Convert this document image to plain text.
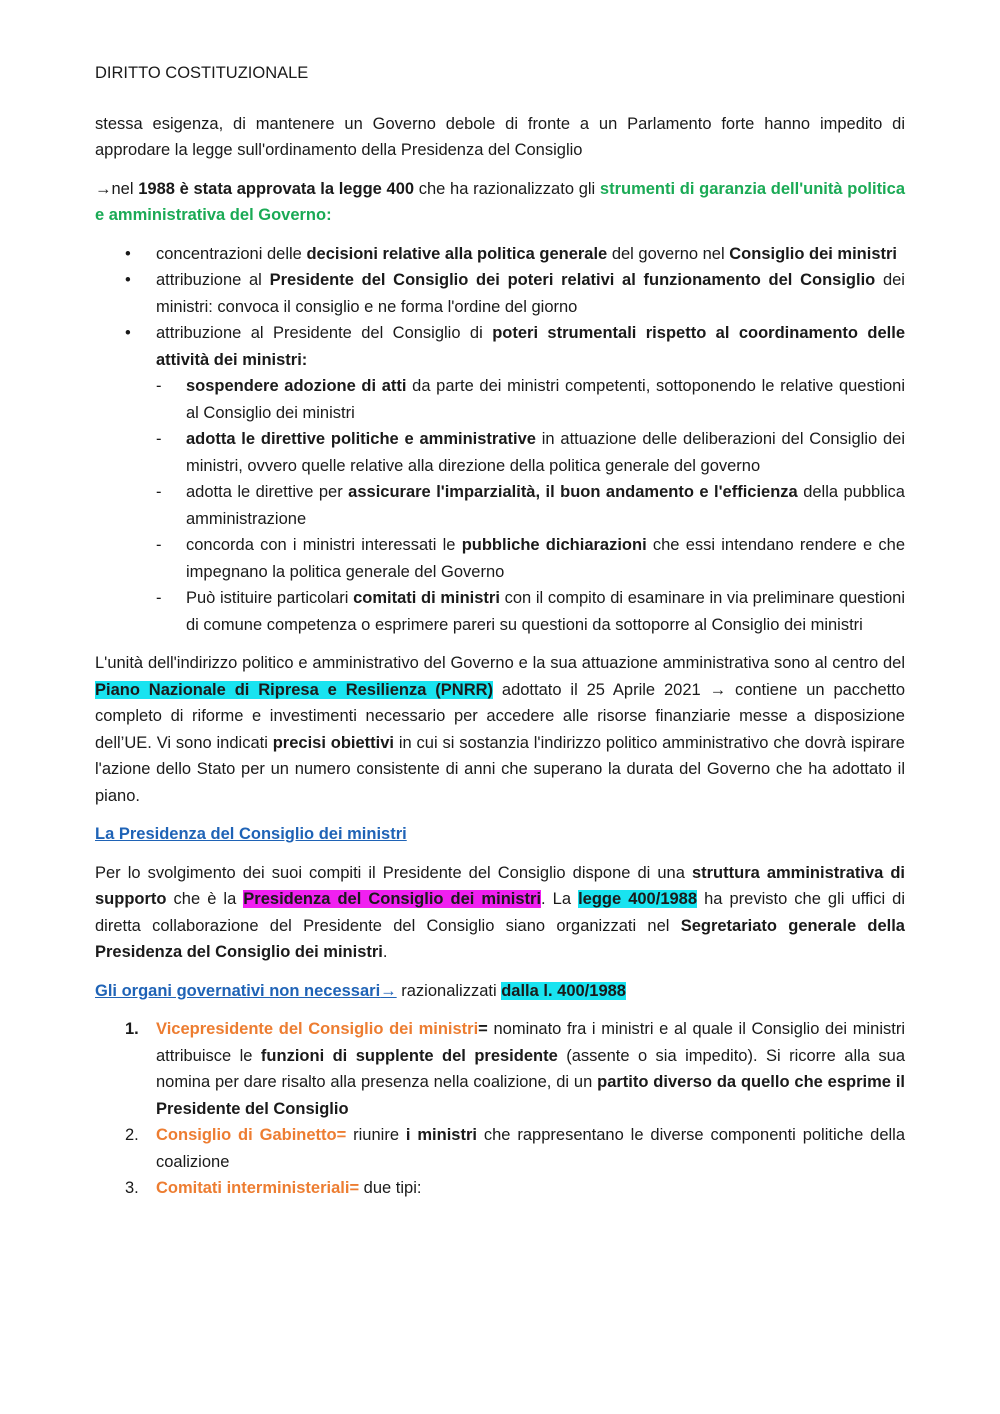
DIRITTO COSTITUZIONALE

stessa esigenza, di mantenere un Governo debole di fronte a un Parlamento forte hanno impedito di approdare la legge sull'ordinamento della Presidenza del Consiglio

→nel 1988 è stata approvata la legge 400 che ha razionalizzato gli strumenti di garanzia dell'unità politica e amministrativa del Governo:

• concentrazioni delle decisioni relative alla politica generale del governo nel Consiglio dei ministri
• attribuzione al Presidente del Consiglio dei poteri relativi al funzionamento del Consiglio dei ministri: convoca il consiglio e ne forma l'ordine del giorno
• attribuzione al Presidente del Consiglio di poteri strumentali rispetto al coordinamento delle attività dei ministri:
- sospendere adozione di atti da parte dei ministri competenti, sottoponendo le relative questioni al Consiglio dei ministri
- adotta le direttive politiche e amministrative in attuazione delle deliberazioni del Consiglio dei ministri, ovvero quelle relative alla direzione della politica generale del governo
- adotta le direttive per assicurare l'imparzialità, il buon andamento e l'efficienza della pubblica amministrazione
- concorda con i ministri interessati le pubbliche dichiarazioni che essi intendano rendere e che impegnano la politica generale del Governo
- Può istituire particolari comitati di ministri con il compito di esaminare in via preliminare questioni di comune competenza o esprimere pareri su questioni da sottoporre al Consiglio dei ministri

L'unità dell'indirizzo politico e amministrativo del Governo e la sua attuazione amministrativa sono al centro del Piano Nazionale di Ripresa e Resilienza (PNRR) adottato il 25 Aprile 2021 → contiene un pacchetto completo di riforme e investimenti necessario per accedere alle risorse finanziarie messe a disposizione dell’UE. Vi sono indicati precisi obiettivi in cui si sostanzia l'indirizzo politico amministrativo che dovrà ispirare l'azione dello Stato per un numero consistente di anni che superano la durata del Governo che ha adottato il piano.

La Presidenza del Consiglio dei ministri

Per lo svolgimento dei suoi compiti il Presidente del Consiglio dispone di una struttura amministrativa di supporto che è la Presidenza del Consiglio dei ministri. La legge 400/1988 ha previsto che gli uffici di diretta collaborazione del Presidente del Consiglio siano organizzati nel Segretariato generale della Presidenza del Consiglio dei ministri.

Gli organi governativi non necessari→ razionalizzati dalla l. 400/1988

1. Vicepresidente del Consiglio dei ministri= nominato fra i ministri e al quale il Consiglio dei ministri attribuisce le funzioni di supplente del presidente (assente o sia impedito). Si ricorre alla sua nomina per dare risalto alla presenza nella coalizione, di un partito diverso da quello che esprime il Presidente del Consiglio
2. Consiglio di Gabinetto= riunire i ministri che rappresentano le diverse componenti politiche della coalizione
3. Comitati interministeriali= due tipi:
